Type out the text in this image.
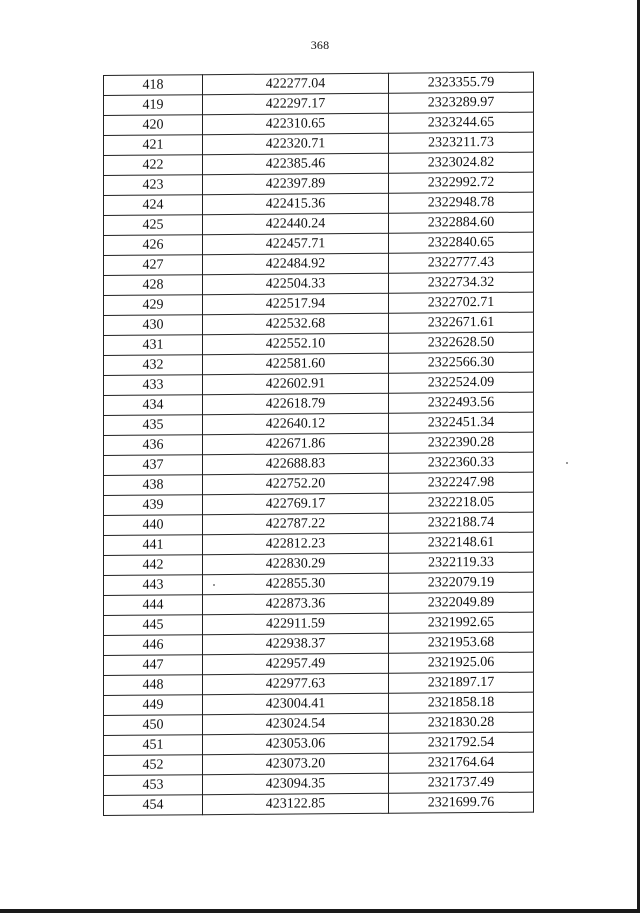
368
418	422277.04	2323355.79
419	422297.17	2323289.97
420	422310.65	2323244.65
421	422320.71	2323211.73
422	422385.46	2323024.82
423	422397.89	2322992.72
424	422415.36	2322948.78
425	422440.24	2322884.60
426	422457.71	2322840.65
427	422484.92	2322777.43
428	422504.33	2322734.32
429	422517.94	2322702.71
430	422532.68	2322671.61
431	422552.10	2322628.50
432	422581.60	2322566.30
433	422602.91	2322524.09
434	422618.79	2322493.56
435	422640.12	2322451.34
436	422671.86	2322390.28
437	422688.83	2322360.33
438	422752.20	2322247.98
439	422769.17	2322218.05
440	422787.22	2322188.74
441	422812.23	2322148.61
442	422830.29	2322119.33
443	422855.30	2322079.19
444	422873.36	2322049.89
445	422911.59	2321992.65
446	422938.37	2321953.68
447	422957.49	2321925.06
448	422977.63	2321897.17
449	423004.41	2321858.18
450	423024.54	2321830.28
451	423053.06	2321792.54
452	423073.20	2321764.64
453	423094.35	2321737.49
454	423122.85	2321699.76
